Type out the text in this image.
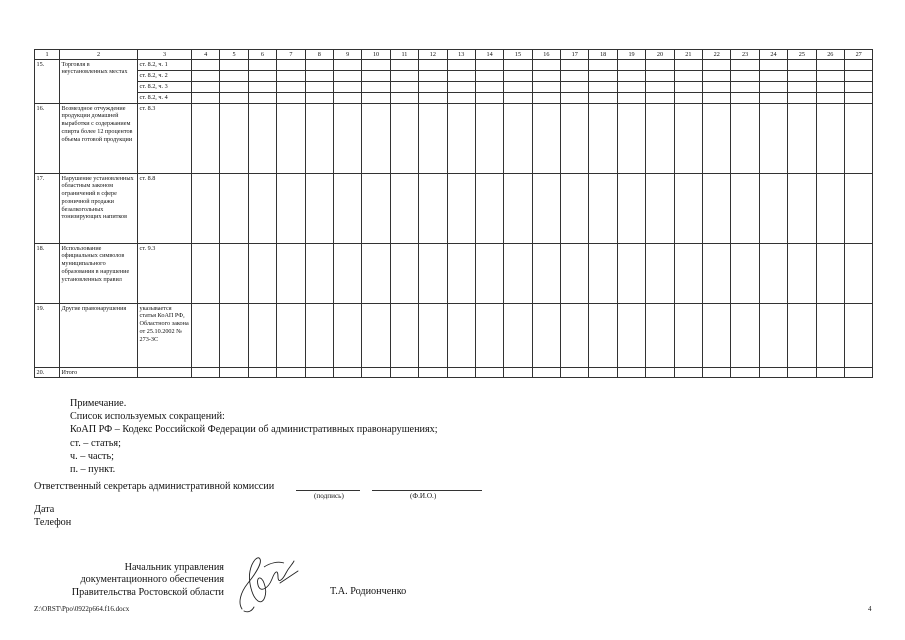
1	2	3	4	5	6	7	8	9	10	11	12	13	14	15	16	17	18	19	20	21	22	23	24	25	26	27
15.	Торговля в неустановленных местах	ст. 8.2, ч. 1																								
		ст. 8.2, ч. 2																								
		ст. 8.2, ч. 3																								
		ст. 8.2, ч. 4																								
16.	Возмездное отчуждение продукции домашней выработки с содержанием спирта более 12 процентов объема готовой продукции	ст. 8.3																								
17.	Нарушение установленных областным законом ограничений в сфере розничной продажи безалкогольных тонизирующих напитков	ст. 8.8																								
18.	Использование официальных символов муниципального образования в нарушение установленных правил	ст. 9.3																								
19.	Другие правонарушения	указывается статья КоАП РФ, Областного закона от 25.10.2002 № 273-ЗС																								
20.	Итого																									
Примечание.
Список используемых сокращений:
КоАП РФ – Кодекс Российской Федерации об административных правонарушениях;
ст. – статья;
ч. – часть;
п. – пункт.
Ответственный секретарь административной комиссии
(подпись)	(Ф.И.О.)
Дата
Телефон
Начальник управления
документационного обеспечения
Правительства Ростовской области	Т.А. Родионченко
Z:\ORST\Ppo\0922p664.f16.docx	4
